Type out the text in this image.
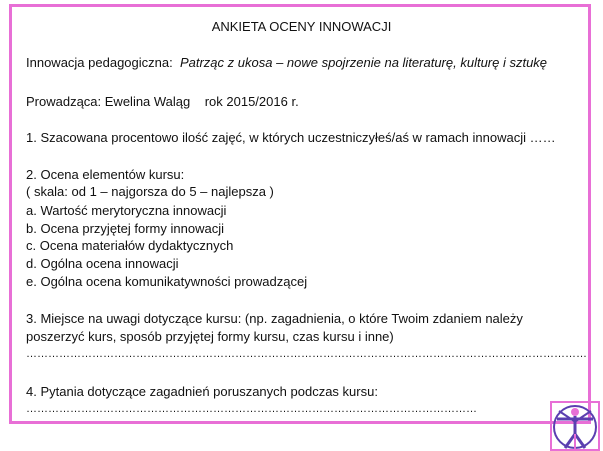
ANKIETA OCENY INNOWACJI
Innowacja pedagogiczna: Patrząc z ukosa – nowe spojrzenie na literaturę, kulturę i sztukę
Prowadząca: Ewelina Waląg rok 2015/2016 r.
1. Szacowana procentowo ilość zajęć, w których uczestniczyłeś/aś w ramach innowacji ……
2. Ocena elementów kursu:
( skala: od 1 – najgorsza do 5 – najlepsza )
a. Wartość merytoryczna innowacji
b. Ocena przyjętej formy innowacji
c. Ocena materiałów dydaktycznych
d. Ogólna ocena innowacji
e. Ogólna ocena komunikatywności prowadzącej
3. Miejsce na uwagi dotyczące kursu: (np. zagadnienia, o które Twoim zdaniem należy
poszerzyć kurs, sposób przyjętej formy kursu, czas kursu i inne)
………………………………………………………………………………………………………………………………………
4. Pytania dotyczące zagadnień poruszanych podczas kursu:
……………………………………………………………………………………………………………
